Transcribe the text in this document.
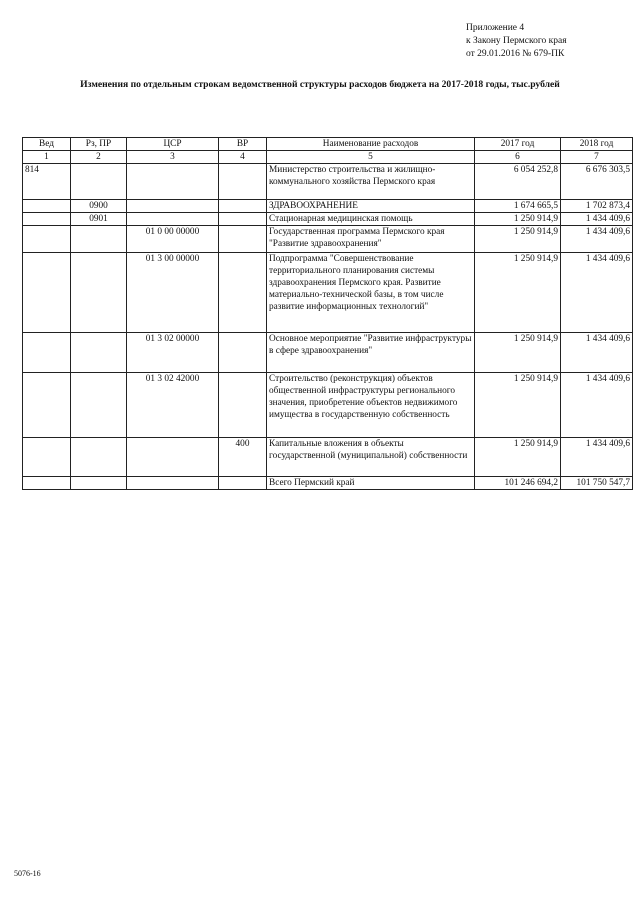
Приложение 4
к Закону Пермского края
от 29.01.2016 № 679-ПК
Изменения по отдельным строкам ведомственной структуры расходов бюджета на 2017-2018 годы, тыс.рублей
Вед	Рз, ПР	ЦСР	ВР	Наименование расходов	2017 год	2018 год
1	2	3	4	5	6	7
814				Министерство строительства и жилищно-коммунального хозяйства Пермского края	6 054 252,8	6 676 303,5
	0900			ЗДРАВООХРАНЕНИЕ	1 674 665,5	1 702 873,4
	0901			Стационарная медицинская помощь	1 250 914,9	1 434 409,6
		01 0 00 00000		Государственная программа Пермского края "Развитие здравоохранения"	1 250 914,9	1 434 409,6
		01 3 00 00000		Подпрограмма "Совершенствование территориального планирования системы здравоохранения Пермского края. Развитие материально-технической базы, в том числе развитие информационных технологий"	1 250 914,9	1 434 409,6
		01 3 02 00000		Основное мероприятие "Развитие инфраструктуры в сфере здравоохранения"	1 250 914,9	1 434 409,6
		01 3 02 42000		Строительство (реконструкция) объектов общественной инфраструктуры регионального значения, приобретение объектов недвижимого имущества в государственную собственность	1 250 914,9	1 434 409,6
			400	Капитальные вложения в объекты государственной (муниципальной) собственности	1 250 914,9	1 434 409,6
				Всего Пермский край	101 246 694,2	101 750 547,7
5076-16
